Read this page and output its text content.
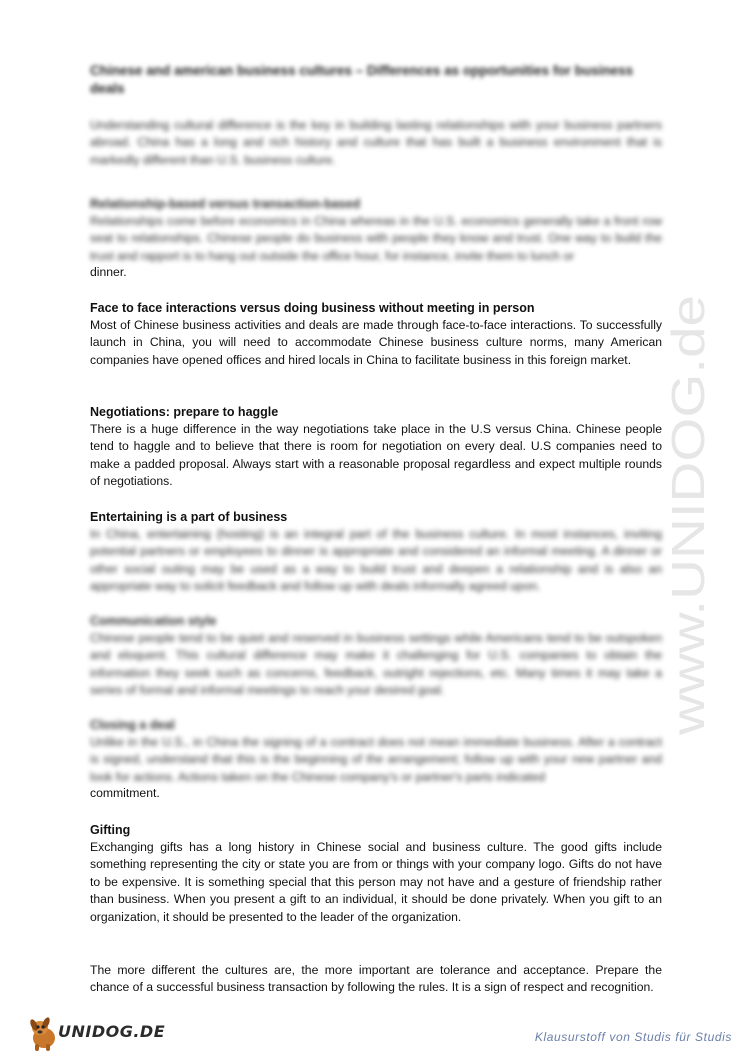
Chinese and american business cultures – Differences as opportunities for business deals

Understanding cultural difference is the key in building lasting relationships with your business partners abroad. China has a long and rich history and culture that has built a business environment that is markedly different than U.S. business culture.

Relationship-based versus transaction-based

Relationships come before economics in China whereas in the U.S. economics generally take a front row seat to relationships. Chinese people do business with people they know and trust. One way to build the trust and rapport is to hang out outside the office hour, for instance, invite them to lunch or

dinner.

Face to face interactions versus doing business without meeting in person

Most of Chinese business activities and deals are made through face-to-face interactions. To successfully launch in China, you will need to accommodate Chinese business culture norms, many American companies have opened offices and hired locals in China to facilitate business in this foreign market.

Negotiations: prepare to haggle

There is a huge difference in the way negotiations take place in the U.S versus China. Chinese people tend to haggle and to believe that there is room for negotiation on every deal. U.S companies need to make a padded proposal. Always start with a reasonable proposal regardless and expect multiple rounds of negotiations.

Entertaining is a part of business

In China, entertaining (hosting) is an integral part of the business culture. In most instances, inviting potential partners or employees to dinner is appropriate and considered an informal meeting. A dinner or other social outing may be used as a way to build trust and deepen a relationship and is also an appropriate way to solicit feedback and follow up with deals informally agreed upon.

Communication style

Chinese people tend to be quiet and reserved in business settings while Americans tend to be outspoken and eloquent. This cultural difference may make it challenging for U.S. companies to obtain the information they seek such as concerns, feedback, outright rejections, etc. Many times it may take a series of formal and informal meetings to reach your desired goal.

Closing a deal

Unlike in the U.S., in China the signing of a contract does not mean immediate business. After a contract is signed, understand that this is the beginning of the arrangement; follow up with your new partner and look for actions. Actions taken on the Chinese company's or partner's parts indicated

commitment.

Gifting

Exchanging gifts has a long history in Chinese social and business culture. The good gifts include something representing the city or state you are from or things with your company logo. Gifts do not have to be expensive. It is something special that this person may not have and a gesture of friendship rather than business. When you present a gift to an individual, it should be done privately. When you gift to an organization, it should be presented to the leader of the organization.

The more different the cultures are, the more important are tolerance and acceptance. Prepare the chance of a successful business transaction by following the rules. It is a sign of respect and recognition.

www.UNIDOG.de
UNIDOG.DE	Klausurstoff von Studis für Studis
